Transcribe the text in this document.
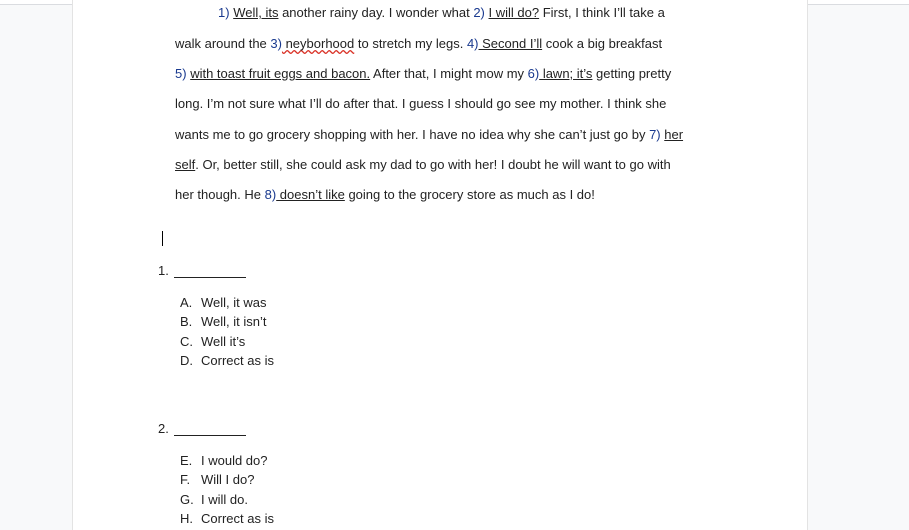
1) Well, its another rainy day. I wonder what 2) I will do? First, I think I’ll take a
walk around the 3) neyborhood to stretch my legs. 4) Second I’ll cook a big breakfast
5) with toast fruit eggs and bacon. After that, I might mow my 6) lawn; it’s getting pretty
long. I’m not sure what I’ll do after that. I guess I should go see my mother. I think she
wants me to go grocery shopping with her. I have no idea why she can’t just go by 7) her
self. Or, better still, she could ask my dad to go with her! I doubt he will want to go with
her though. He 8) doesn’t like going to the grocery store as much as I do!
1.
A. Well, it was
B. Well, it isn’t
C. Well it’s
D. Correct as is
2.
E. I would do?
F. Will I do?
G. I will do.
H. Correct as is
